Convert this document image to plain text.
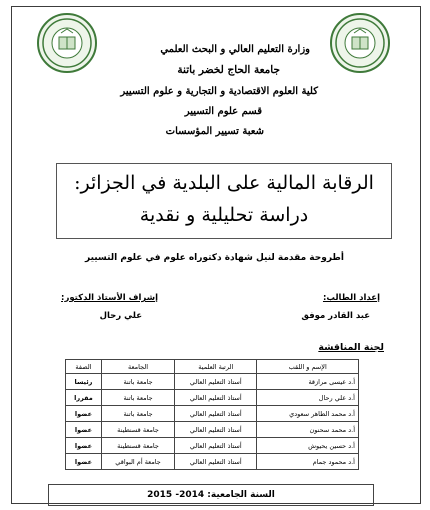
وزارة التعليم العالي و البحث العلمي
جامعة الحاج لخضر باتنة
كلية العلوم الاقتصادية و التجارية و علوم التسيير
قسم علوم التسيير
شعبة تسيير المؤسسات
الرقابة المالية على البلدية في الجزائر:
دراسة تحليلية و نقدية
أطروحة مقدمة لنيل شهادة دكتوراه علوم في علوم التسيير
إعداد الطالب:
عبد القادر موفق
إشراف الأستاذ الدكتور:
علي رحال
لجنة المناقشة
الإسم و اللقب	الرتبة العلمية	الجامعة	الصفة
أ.د عيسى مرازقة	أستاذ التعليم العالي	جامعة باتنة	رئيسا
أ.د علي رحال	أستاذ التعليم العالي	جامعة باتنة	مقررا
أ.د محمد الطاهر سعودي	أستاذ التعليم العالي	جامعة باتنة	عضوا
أ.د محمد سحنون	أستاذ التعليم العالي	جامعة قسنطينة	عضوا
أ.د حسين يحيوش	أستاذ التعليم العالي	جامعة قسنطينة	عضوا
أ.د محمود جمام	أستاذ التعليم العالي	جامعة أم البواقي	عضوا
السنة الجامعية: 2014- 2015
